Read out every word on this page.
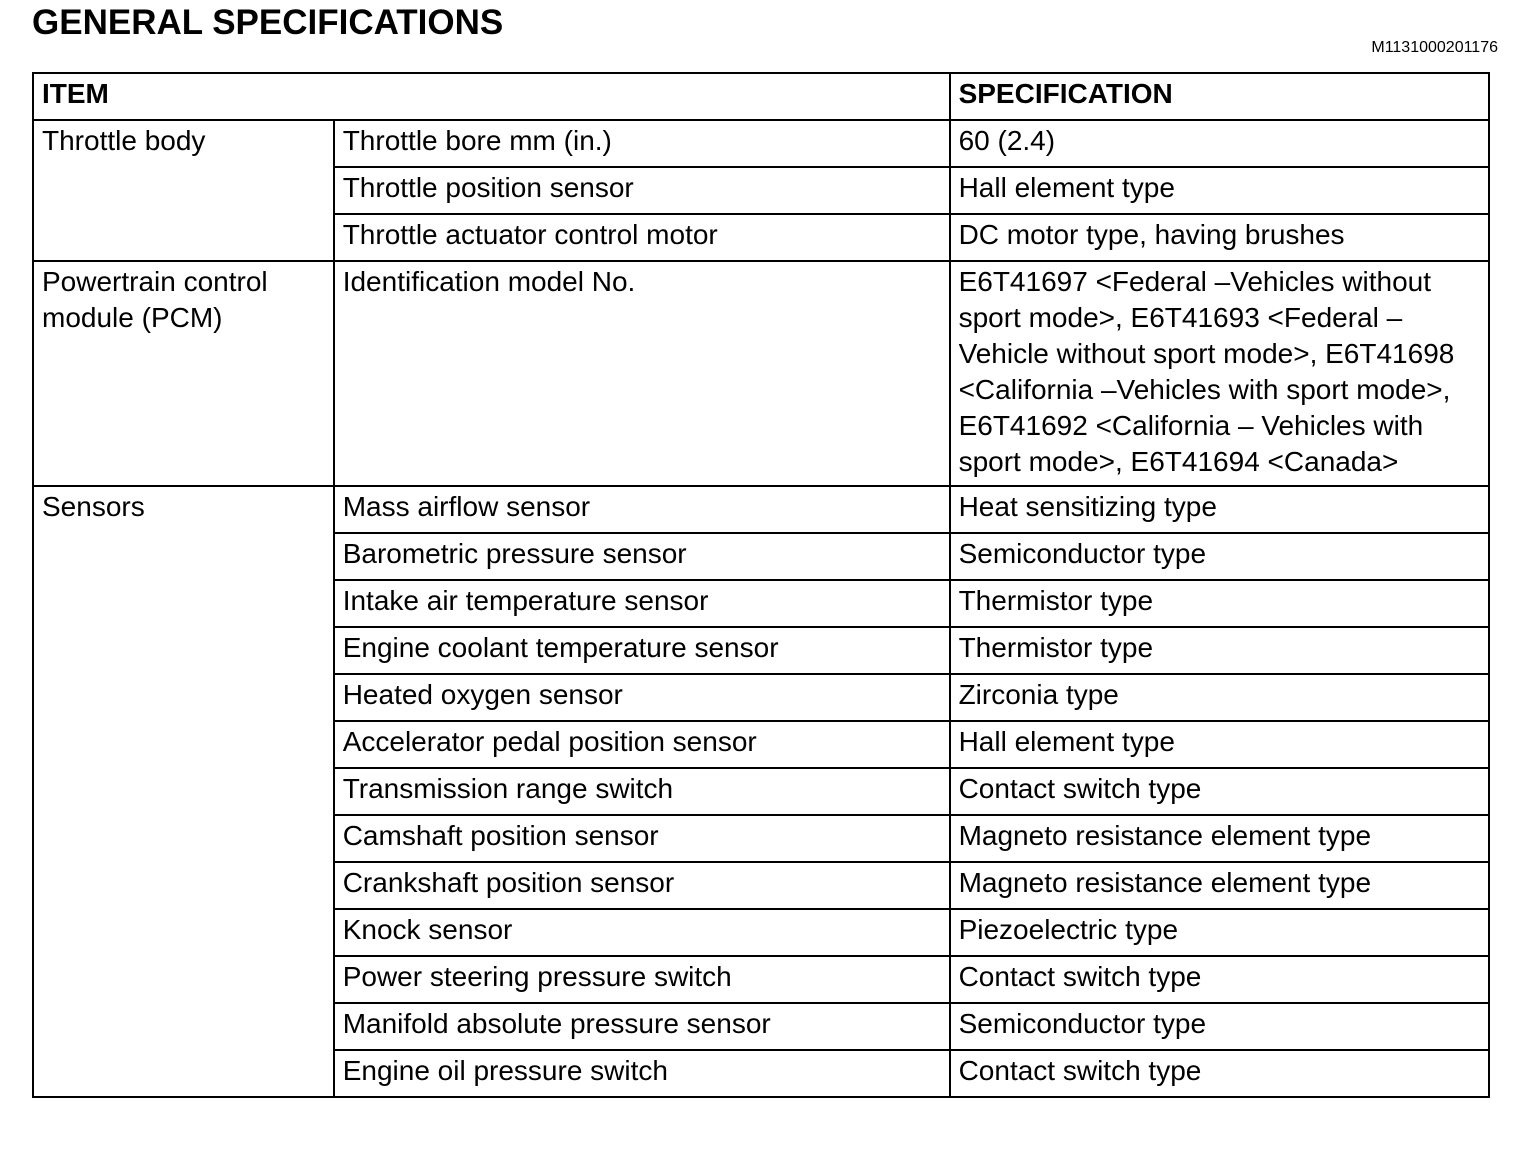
GENERAL SPECIFICATIONS
M1131000201176
ITEM		SPECIFICATION
Throttle body	Throttle bore mm (in.)	60 (2.4)
	Throttle position sensor	Hall element type
	Throttle actuator control motor	DC motor type, having brushes
Powertrain control module (PCM)	Identification model No.	E6T41697 <Federal –Vehicles without sport mode>, E6T41693 <Federal – Vehicle without sport mode>, E6T41698 <California –Vehicles with sport mode>, E6T41692 <California – Vehicles with sport mode>, E6T41694 <Canada>
Sensors	Mass airflow sensor	Heat sensitizing type
	Barometric pressure sensor	Semiconductor type
	Intake air temperature sensor	Thermistor type
	Engine coolant temperature sensor	Thermistor type
	Heated oxygen sensor	Zirconia type
	Accelerator pedal position sensor	Hall element type
	Transmission range switch	Contact switch type
	Camshaft position sensor	Magneto resistance element type
	Crankshaft position sensor	Magneto resistance element type
	Knock sensor	Piezoelectric type
	Power steering pressure switch	Contact switch type
	Manifold absolute pressure sensor	Semiconductor type
	Engine oil pressure switch	Contact switch type
